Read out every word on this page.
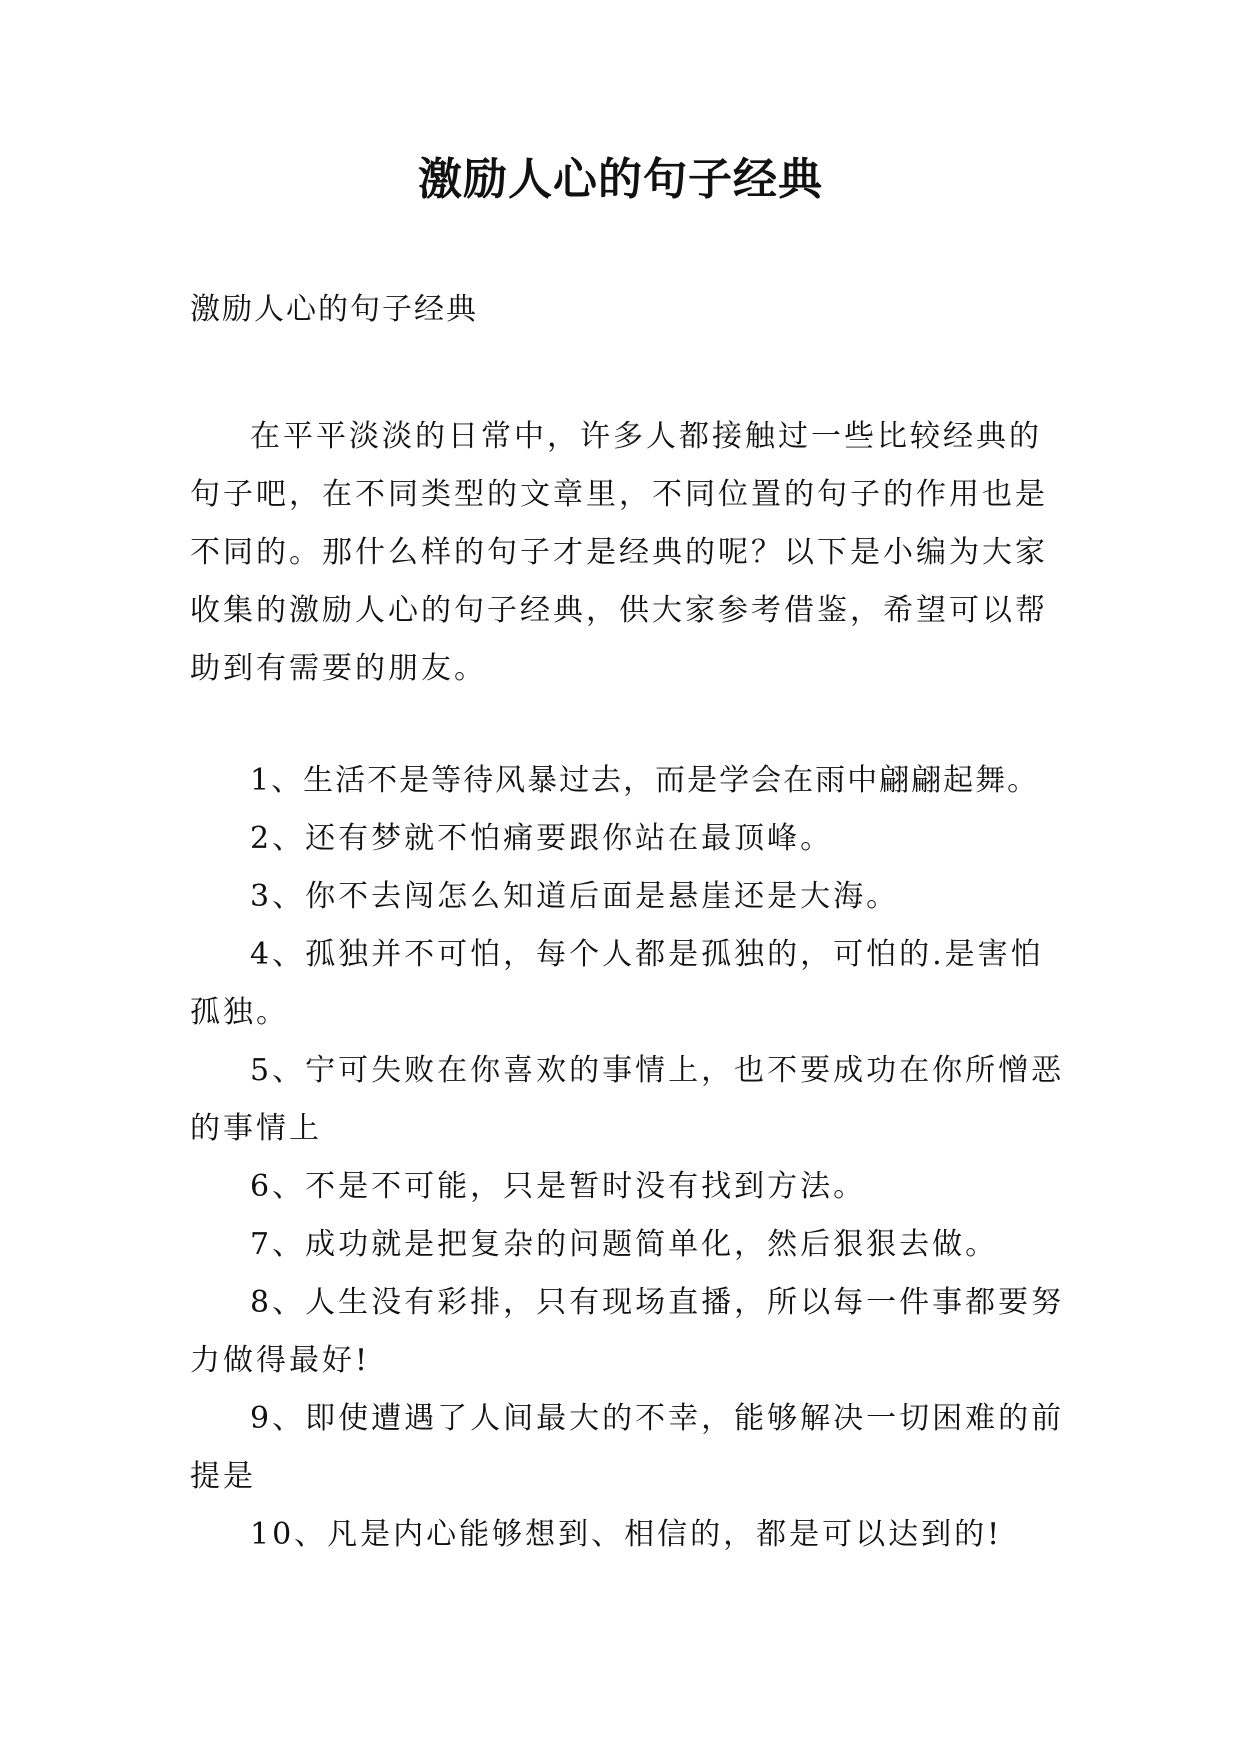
激励人心的句子经典

激励人心的句子经典

在平平淡淡的日常中，许多人都接触过一些比较经典的句子吧，在不同类型的文章里，不同位置的句子的作用也是不同的。那什么样的句子才是经典的呢？以下是小编为大家收集的激励人心的句子经典，供大家参考借鉴，希望可以帮助到有需要的朋友。

1、生活不是等待风暴过去，而是学会在雨中翩翩起舞。
2、还有梦就不怕痛要跟你站在最顶峰。
3、你不去闯怎么知道后面是悬崖还是大海。
4、孤独并不可怕，每个人都是孤独的，可怕的.是害怕孤独。
5、宁可失败在你喜欢的事情上，也不要成功在你所憎恶的事情上
6、不是不可能，只是暂时没有找到方法。
7、成功就是把复杂的问题简单化，然后狠狠去做。
8、人生没有彩排，只有现场直播，所以每一件事都要努力做得最好!
9、即使遭遇了人间最大的不幸，能够解决一切困难的前提是
10、凡是内心能够想到、相信的，都是可以达到的!
